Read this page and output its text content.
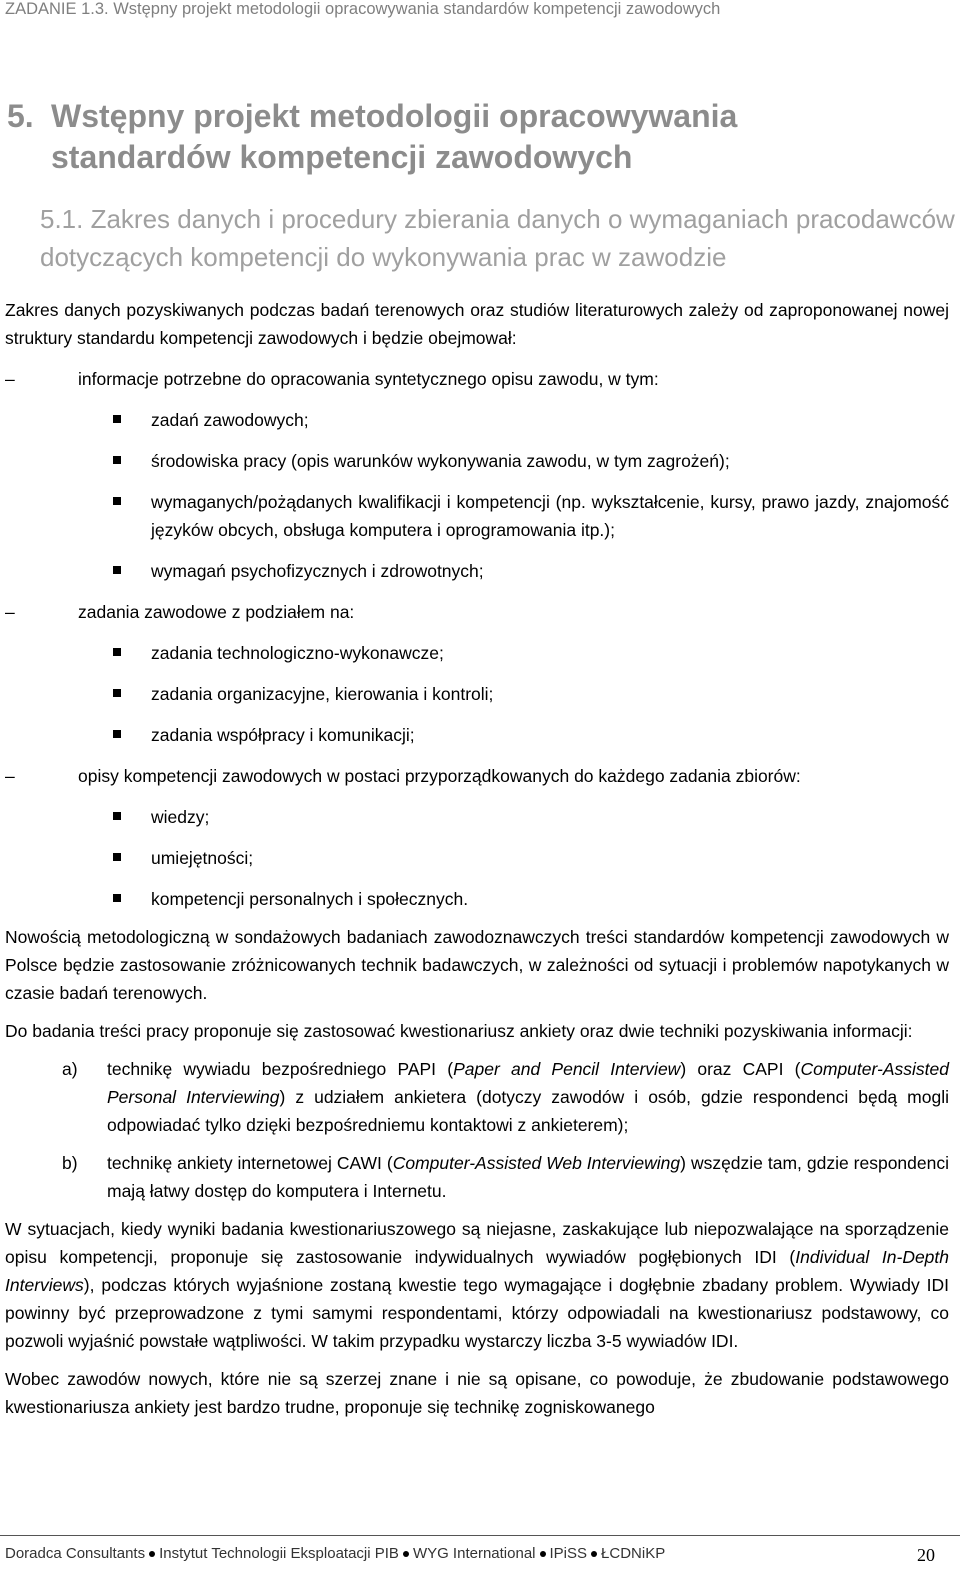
ZADANIE 1.3. Wstępny projekt metodologii opracowywania standardów kompetencji zawodowych
5. Wstępny projekt metodologii opracowywania
standardów kompetencji zawodowych
5.1. Zakres danych i procedury zbierania danych o wymaganiach pracodawców dotyczących kompetencji do wykonywania prac w zawodzie

Zakres danych pozyskiwanych podczas badań terenowych oraz studiów literaturowych zależy od zaproponowanej nowej struktury standardu kompetencji zawodowych i będzie obejmował:

–	informacje potrzebne do opracowania syntetycznego opisu zawodu, w tym:

zadań zawodowych;

środowiska pracy (opis warunków wykonywania zawodu, w tym zagrożeń);

wymaganych/pożądanych kwalifikacji i kompetencji (np. wykształcenie, kursy, prawo jazdy, znajomość języków obcych, obsługa komputera i oprogramowania itp.);

wymagań psychofizycznych i zdrowotnych;

–	zadania zawodowe z podziałem na:

zadania technologiczno-wykonawcze;

zadania organizacyjne, kierowania i kontroli;

zadania współpracy i komunikacji;

–	opisy kompetencji zawodowych w postaci przyporządkowanych do każdego zadania zbiorów:

wiedzy;

umiejętności;

kompetencji personalnych i społecznych.

Nowością metodologiczną w sondażowych badaniach zawodoznawczych treści standardów kompetencji zawodowych w Polsce będzie zastosowanie zróżnicowanych technik badawczych, w zależności od sytuacji i problemów napotykanych w czasie badań terenowych.

Do badania treści pracy proponuje się zastosować kwestionariusz ankiety oraz dwie techniki pozyskiwania informacji:

a) technikę wywiadu bezpośredniego PAPI (Paper and Pencil Interview) oraz CAPI (Computer-Assisted Personal Interviewing) z udziałem ankietera (dotyczy zawodów i osób, gdzie respondenci będą mogli odpowiadać tylko dzięki bezpośredniemu kontaktowi z ankieterem);

b) technikę ankiety internetowej CAWI (Computer-Assisted Web Interviewing) wszędzie tam, gdzie respondenci mają łatwy dostęp do komputera i Internetu.

W sytuacjach, kiedy wyniki badania kwestionariuszowego są niejasne, zaskakujące lub niepozwalające na sporządzenie opisu kompetencji, proponuje się zastosowanie indywidualnych wywiadów pogłębionych IDI (Individual In-Depth Interviews), podczas których wyjaśnione zostaną kwestie tego wymagające i dogłębnie zbadany problem. Wywiady IDI powinny być przeprowadzone z tymi samymi respondentami, którzy odpowiadali na kwestionariusz podstawowy, co pozwoli wyjaśnić powstałe wątpliwości. W takim przypadku wystarczy liczba 3-5 wywiadów IDI.

Wobec zawodów nowych, które nie są szerzej znane i nie są opisane, co powoduje, że zbudowanie podstawowego kwestionariusza ankiety jest bardzo trudne, proponuje się technikę zogniskowanego

Doradca Consultants Instytut Technologii Eksploatacji PIB WYG International IPiSS ŁCDNiKP	20
